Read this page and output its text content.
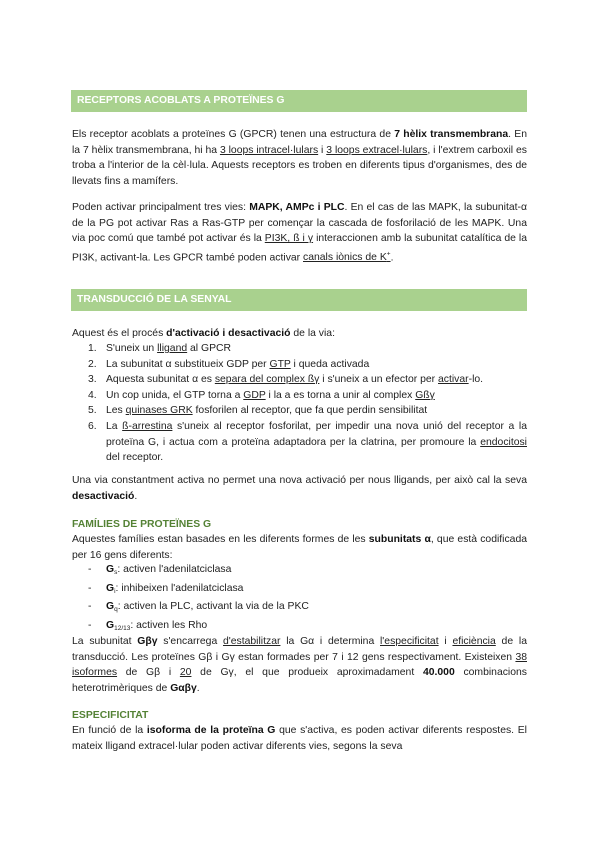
RECEPTORS ACOBLATS A PROTEÏNES G
Els receptor acoblats a proteïnes G (GPCR) tenen una estructura de 7 hèlix transmembrana. En la 7 hèlix transmembrana, hi ha 3 loops intracel·lulars i 3 loops extracel·lulars, i l'extrem carboxil es troba a l'interior de la cèl·lula. Aquests receptors es troben en diferents tipus d'organismes, des de llevats fins a mamífers.
Poden activar principalment tres vies: MAPK, AMPc i PLC. En el cas de las MAPK, la subunitat-α de la PG pot activar Ras a Ras-GTP per començar la cascada de fosforilació de les MAPK. Una via poc comú que també pot activar és la PI3K, ß i γ interaccionen amb la subunitat catalítica de la PI3K, activant-la. Les GPCR també poden activar canals iònics de K+.
TRANSDUCCIÓ DE LA SENYAL
Aquest és el procés d'activació i desactivació de la via:
1. S'uneix un lligand al GPCR
2. La subunitat α substitueix GDP per GTP i queda activada
3. Aquesta subunitat α es separa del complex ßγ i s'uneix a un efector per activar-lo.
4. Un cop unida, el GTP torna a GDP i la a es torna a unir al complex Gßγ
5. Les quinases GRK fosforilen al receptor, que fa que perdin sensibilitat
6. La ß-arrestina s'uneix al receptor fosforilat, per impedir una nova unió del receptor a la proteïna G, i actua com a proteïna adaptadora per la clatrina, per promoure la endocitosi del receptor.
Una via constantment activa no permet una nova activació per nous lligands, per això cal la seva desactivació.
FAMÍLIES DE PROTEÏNES G
Aquestes famílies estan basades en les diferents formes de les subunitats α, que està codificada per 16 gens diferents:
- $G_s$: activen l'adenilatciclasa
- $G_i$: inhibeixen l'adenilatciclasa
- $G_q$: activen la PLC, activant la via de la PKC
- $G_{12/13}$: activen les Rho
La subunitat Gβγ s'encarrega d'estabilitzar la Gα i determina l'especificitat i eficiència de la transducció. Les proteïnes Gβ i Gγ estan formades per 7 i 12 gens respectivament. Existeixen 38 isoformes de Gβ i 20 de Gγ, el que produeix aproximadament 40.000 combinacions heterotrimèriques de Gαβγ.
ESPECIFICITAT
En funció de la isoforma de la proteïna G que s'activa, es poden activar diferents respostes. El mateix lligand extracel·lular poden activar diferents vies, segons la seva
